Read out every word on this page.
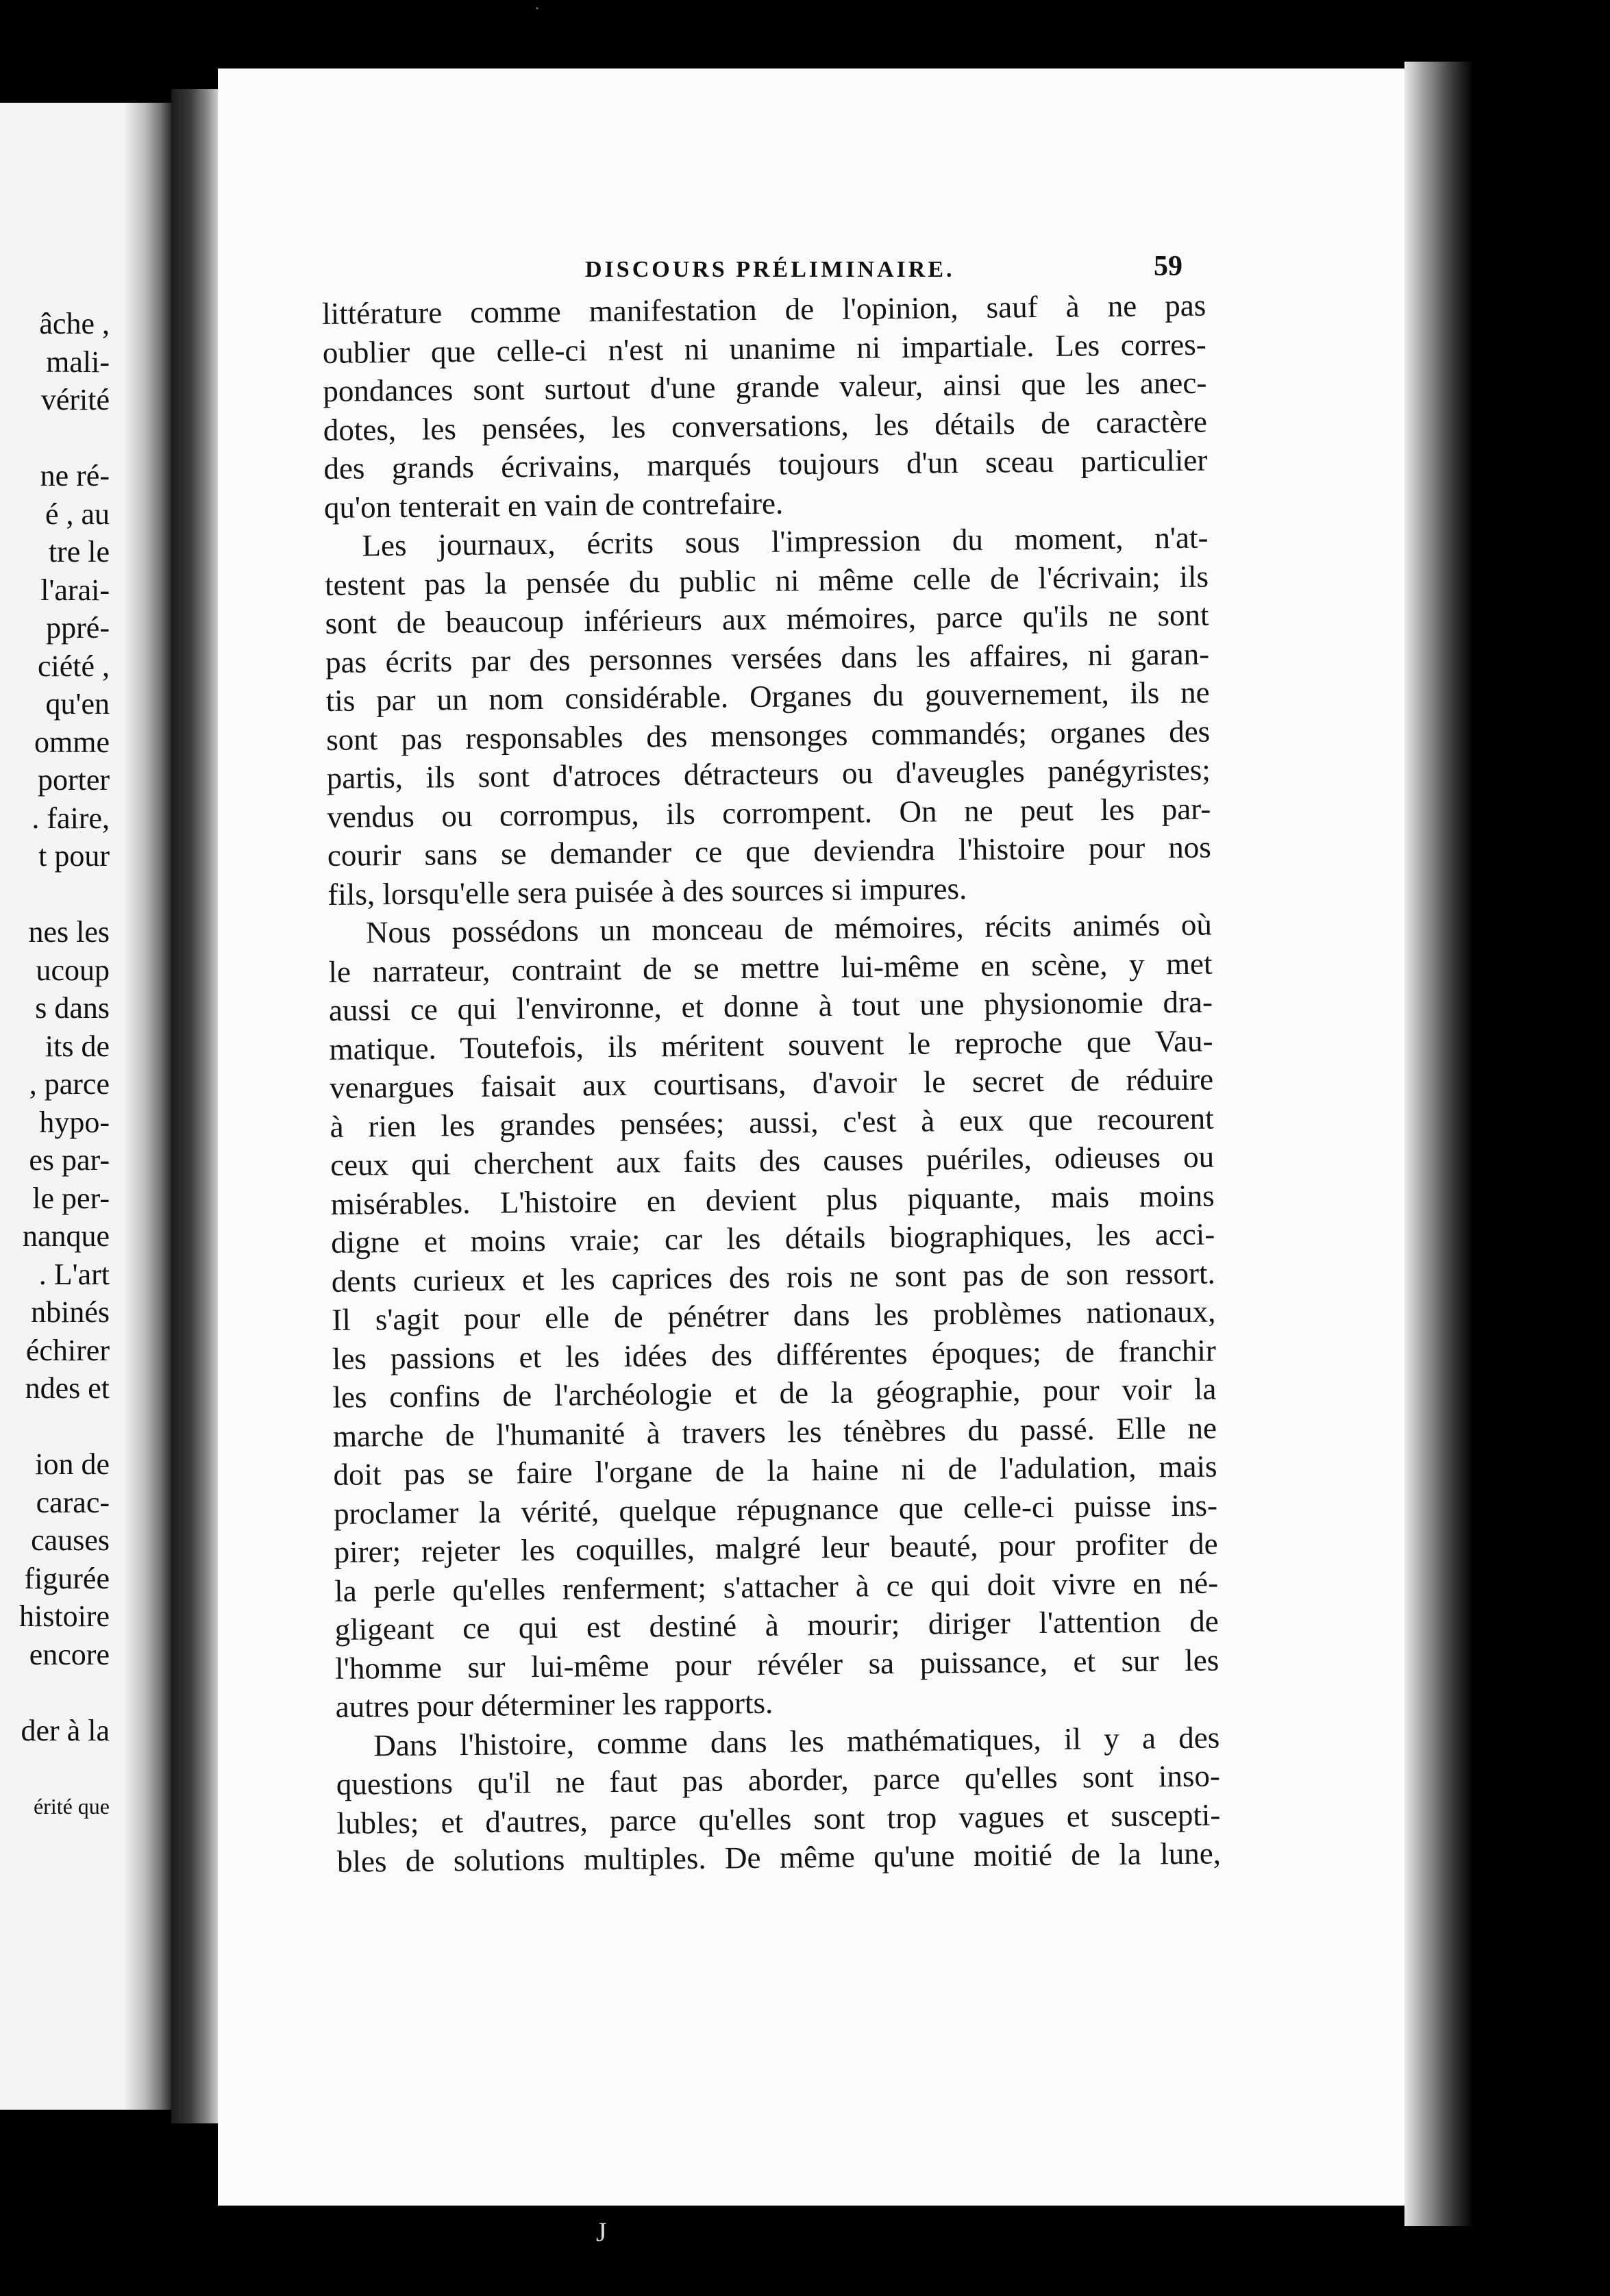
âche ,
mali-
vérité
ne ré-
é , au
tre le
l'arai-
ppré-
ciété ,
qu'en
omme
porter
. faire,
t pour
nes les
ucoup
s dans
its de
, parce
hypo-
es par-
le per-
nanque
. L'art
nbinés
échirer
ndes et
ion de
carac-
causes
figurée
histoire
encore
der à la
érité que
·
DISCOURS PRÉLIMINAIRE.	59
littérature comme manifestation de l'opinion, sauf à ne pas
oublier que celle-ci n'est ni unanime ni impartiale. Les corres-
pondances sont surtout d'une grande valeur, ainsi que les anec-
dotes, les pensées, les conversations, les détails de caractère
des grands écrivains, marqués toujours d'un sceau particulier
qu'on tenterait en vain de contrefaire.
Les journaux, écrits sous l'impression du moment, n'at-
testent pas la pensée du public ni même celle de l'écrivain; ils
sont de beaucoup inférieurs aux mémoires, parce qu'ils ne sont
pas écrits par des personnes versées dans les affaires, ni garan-
tis par un nom considérable. Organes du gouvernement, ils ne
sont pas responsables des mensonges commandés; organes des
partis, ils sont d'atroces détracteurs ou d'aveugles panégyristes;
vendus ou corrompus, ils corrompent. On ne peut les par-
courir sans se demander ce que deviendra l'histoire pour nos
fils, lorsqu'elle sera puisée à des sources si impures.
Nous possédons un monceau de mémoires, récits animés où
le narrateur, contraint de se mettre lui-même en scène, y met
aussi ce qui l'environne, et donne à tout une physionomie dra-
matique. Toutefois, ils méritent souvent le reproche que Vau-
venargues faisait aux courtisans, d'avoir le secret de réduire
à rien les grandes pensées; aussi, c'est à eux que recourent
ceux qui cherchent aux faits des causes puériles, odieuses ou
misérables. L'histoire en devient plus piquante, mais moins
digne et moins vraie; car les détails biographiques, les acci-
dents curieux et les caprices des rois ne sont pas de son ressort.
Il s'agit pour elle de pénétrer dans les problèmes nationaux,
les passions et les idées des différentes époques; de franchir
les confins de l'archéologie et de la géographie, pour voir la
marche de l'humanité à travers les ténèbres du passé. Elle ne
doit pas se faire l'organe de la haine ni de l'adulation, mais
proclamer la vérité, quelque répugnance que celle-ci puisse ins-
pirer; rejeter les coquilles, malgré leur beauté, pour profiter de
la perle qu'elles renferment; s'attacher à ce qui doit vivre en né-
gligeant ce qui est destiné à mourir; diriger l'attention de
l'homme sur lui-même pour révéler sa puissance, et sur les
autres pour déterminer les rapports.
Dans l'histoire, comme dans les mathématiques, il y a des
questions qu'il ne faut pas aborder, parce qu'elles sont inso-
lubles; et d'autres, parce qu'elles sont trop vagues et suscepti-
bles de solutions multiples. De même qu'une moitié de la lune,
J
